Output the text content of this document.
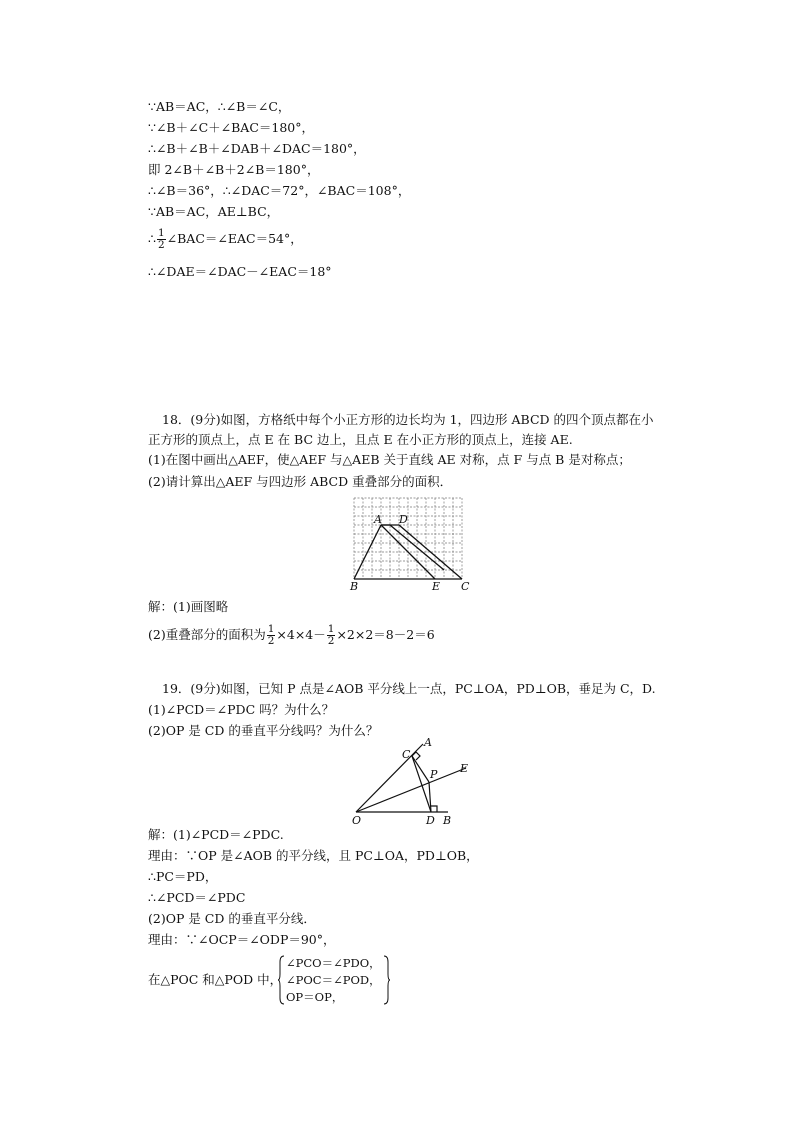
∵AB＝AC，∴∠B＝∠C，
∵∠B＋∠C＋∠BAC＝180°，
∴∠B＋∠B＋∠DAB＋∠DAC＝180°，
即 2∠B＋∠B＋2∠B＝180°，
∴∠B＝36°，∴∠DAC＝72°，∠BAC＝108°，
∵AB＝AC，AE⊥BC，
∴ $\frac{1}{2}$ ∠BAC＝∠EAC＝54°，
∴∠DAE＝∠DAC－∠EAC＝18°
18．(9分)如图，方格纸中每个小正方形的边长均为 1，四边形 ABCD 的四个顶点都在小
正方形的顶点上，点 E 在 BC 边上，且点 E 在小正方形的顶点上，连接 AE.
(1)在图中画出△AEF，使△AEF 与△AEB 关于直线 AE 对称，点 F 与点 B 是对称点；
(2)请计算出△AEF 与四边形 ABCD 重叠部分的面积．
A D
B	E C
解：(1)画图略
(2)重叠部分的面积为 $\frac{1}{2} \times 4\times 4- \frac{1}{2} \times 2\times 2=8-2=6$
19．(9分)如图，已知 P 点是∠AOB 平分线上一点，PC⊥OA，PD⊥OB，垂足为 C，D.
(1)∠PCD＝∠PDC 吗？为什么？
(2)OP 是 CD 的垂直平分线吗？为什么？
A
C
P E
O	D B
解：(1)∠PCD＝∠PDC.
理由：∵OP 是∠AOB 的平分线，且 PC⊥OA，PD⊥OB，
∴PC＝PD，
∴∠PCD＝∠PDC
(2)OP 是 CD 的垂直平分线．
理由：∵∠OCP＝∠ODP＝90°，
在△POC 和△POD 中，
∠PCO＝∠PDO，
∠POC＝∠POD，
OP＝OP，
